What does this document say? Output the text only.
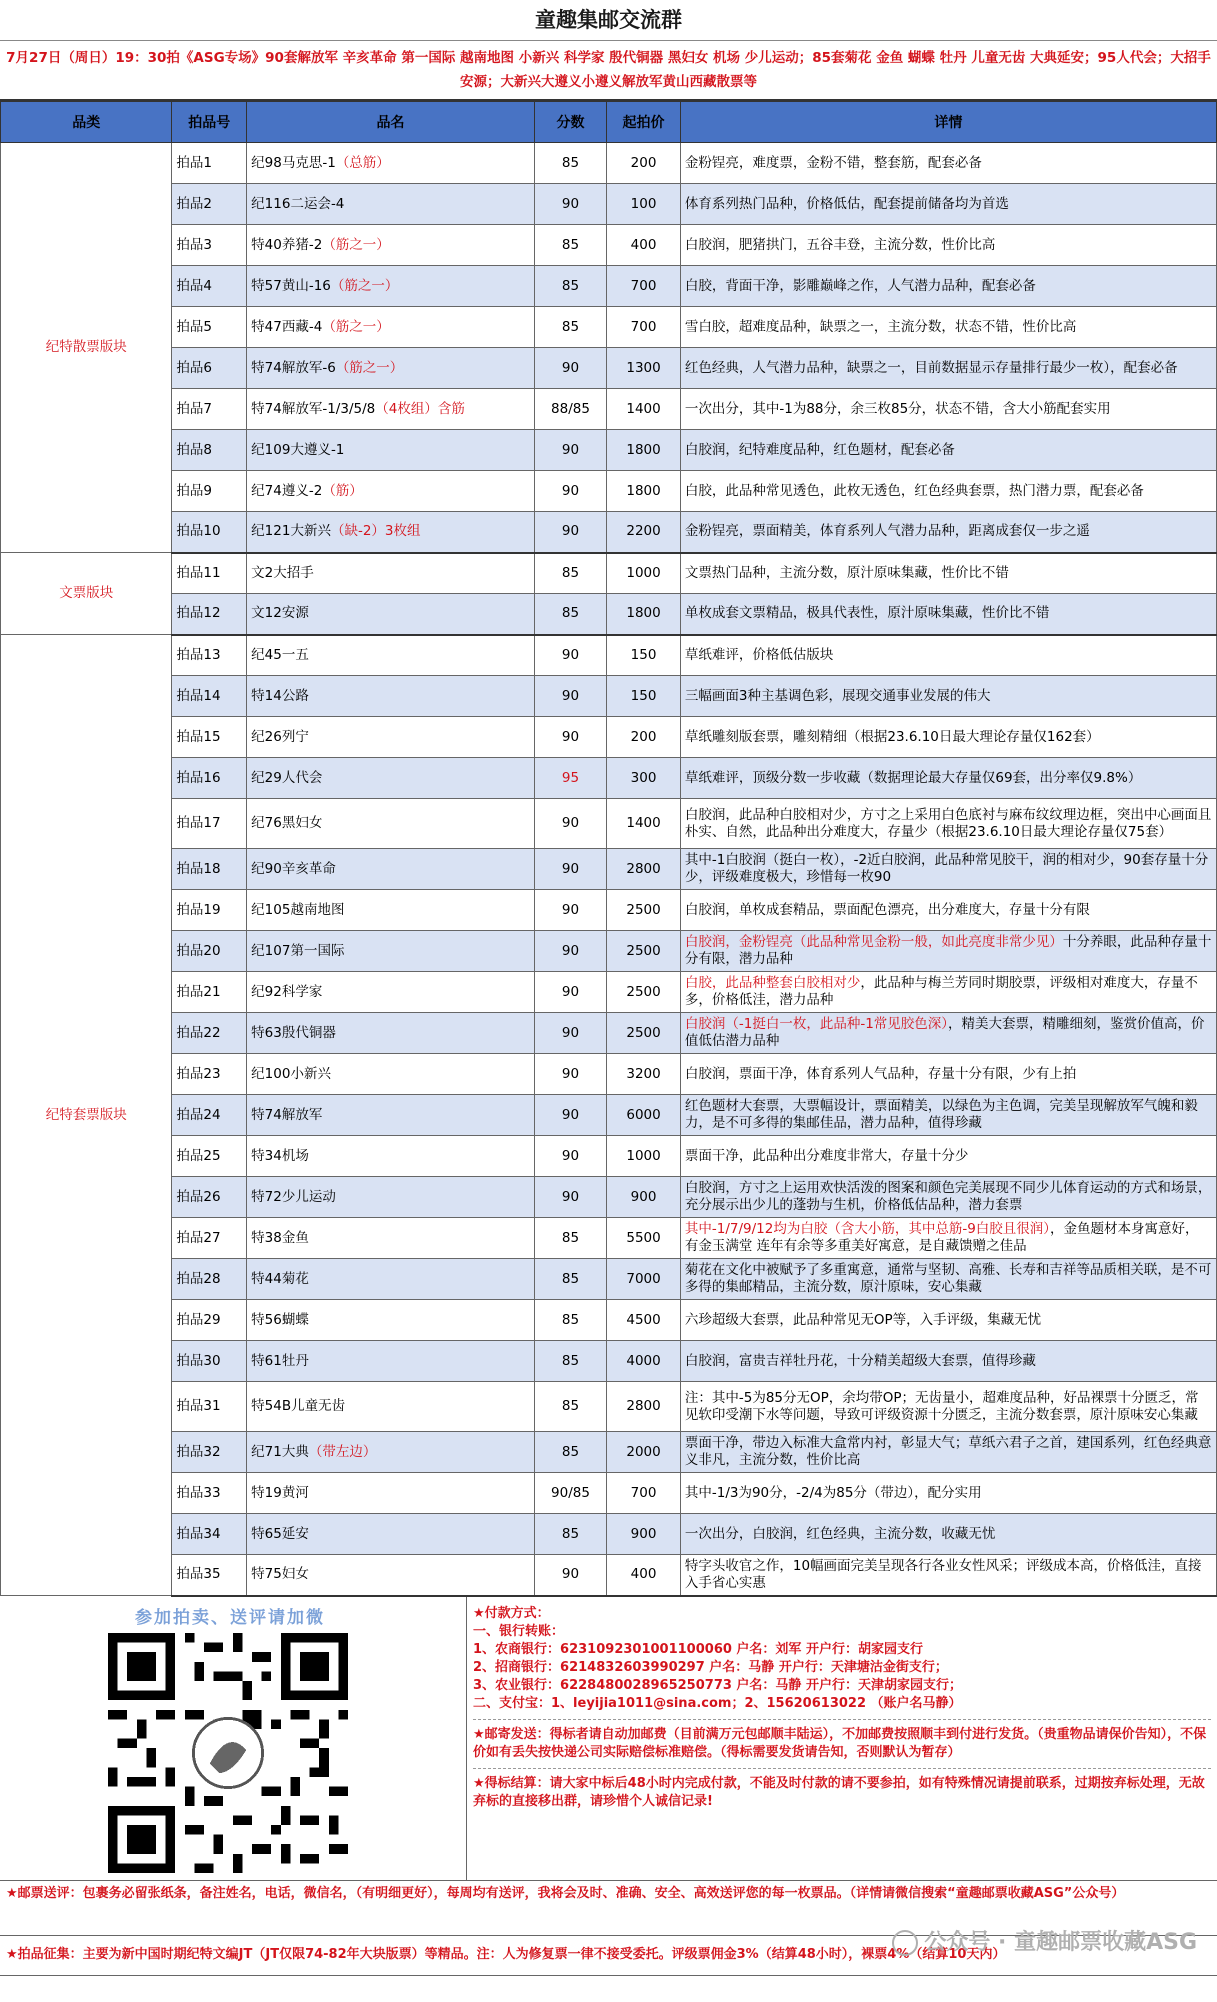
童趣集邮交流群
7月27日（周日）19：30拍《ASG专场》90套解放军 辛亥革命 第一国际 越南地图 小新兴 科学家 殷代铜器 黑妇女 机场 少儿运动；85套菊花 金鱼 蝴蝶 牡丹 儿童无齿 大典延安；95人代会；大招手 安源；大新兴大遵义小遵义解放军黄山西藏散票等
品类	拍品号	品名	分数	起拍价	详情
纪特散票版块	拍品1	纪98马克思-1（总筋）	85	200	金粉锃亮，难度票，金粉不错，整套筋，配套必备
	拍品2	纪116二运会-4	90	100	体育系列热门品种，价格低估，配套提前储备均为首选
	拍品3	特40养猪-2（筋之一）	85	400	白胶润，肥猪拱门，五谷丰登，主流分数，性价比高
	拍品4	特57黄山-16（筋之一）	85	700	白胶，背面干净，影雕巅峰之作，人气潜力品种，配套必备
	拍品5	特47西藏-4（筋之一）	85	700	雪白胶，超难度品种，缺票之一，主流分数，状态不错，性价比高
	拍品6	特74解放军-6（筋之一）	90	1300	红色经典，人气潜力品种，缺票之一，目前数据显示存量排行最少一枚），配套必备
	拍品7	特74解放军-1/3/5/8（4枚组）含筋	88/85	1400	一次出分，其中-1为88分，余三枚85分，状态不错，含大小筋配套实用
	拍品8	纪109大遵义-1	90	1800	白胶润，纪特难度品种，红色题材，配套必备
	拍品9	纪74遵义-2（筋）	90	1800	白胶，此品种常见透色，此枚无透色，红色经典套票，热门潜力票，配套必备
	拍品10	纪121大新兴（缺-2）3枚组	90	2200	金粉锃亮，票面精美，体育系列人气潜力品种，距离成套仅一步之遥
文票版块	拍品11	文2大招手	85	1000	文票热门品种，主流分数，原汁原味集藏，性价比不错
	拍品12	文12安源	85	1800	单枚成套文票精品，极具代表性，原汁原味集藏，性价比不错
纪特套票版块	拍品13	纪45一五	90	150	草纸难评，价格低估版块
	拍品14	特14公路	90	150	三幅画面3种主基调色彩，展现交通事业发展的伟大
	拍品15	纪26列宁	90	200	草纸雕刻版套票，雕刻精细（根据23.6.10日最大理论存量仅162套）
	拍品16	纪29人代会	95	300	草纸难评，顶级分数一步收藏（数据理论最大存量仅69套，出分率仅9.8%）
	拍品17	纪76黑妇女	90	1400	白胶润，此品种白胶相对少，方寸之上采用白色底衬与麻布纹纹理边框，突出中心画面且朴实、自然，此品种出分难度大，存量少（根据23.6.10日最大理论存量仅75套）
	拍品18	纪90辛亥革命	90	2800	其中-1白胶润（挺白一枚），-2近白胶润，此品种常见胶干，润的相对少，90套存量十分少，评级难度极大，珍惜每一枚90
	拍品19	纪105越南地图	90	2500	白胶润，单枚成套精品，票面配色漂亮，出分难度大，存量十分有限
	拍品20	纪107第一国际	90	2500	白胶润，金粉锃亮（此品种常见金粉一般，如此亮度非常少见）十分养眼，此品种存量十分有限，潜力品种
	拍品21	纪92科学家	90	2500	白胶，此品种整套白胶相对少，此品种与梅兰芳同时期胶票，评级相对难度大，存量不多，价格低洼，潜力品种
	拍品22	特63殷代铜器	90	2500	白胶润（-1挺白一枚，此品种-1常见胶色深），精美大套票，精雕细刻，鉴赏价值高，价值低估潜力品种
	拍品23	纪100小新兴	90	3200	白胶润，票面干净，体育系列人气品种，存量十分有限，少有上拍
	拍品24	特74解放军	90	6000	红色题材大套票，大票幅设计，票面精美，以绿色为主色调，完美呈现解放军气魄和毅力，是不可多得的集邮佳品，潜力品种，值得珍藏
	拍品25	特34机场	90	1000	票面干净，此品种出分难度非常大，存量十分少
	拍品26	特72少儿运动	90	900	白胶润，方寸之上运用欢快活泼的图案和颜色完美展现不同少儿体育运动的方式和场景，充分展示出少儿的蓬勃与生机，价格低估品种，潜力套票
	拍品27	特38金鱼	85	5500	其中-1/7/9/12均为白胶（含大小筋，其中总筋-9白胶且很润），金鱼题材本身寓意好，有金玉满堂 连年有余等多重美好寓意，是自藏馈赠之佳品
	拍品28	特44菊花	85	7000	菊花在文化中被赋予了多重寓意，通常与坚韧、高雅、长寿和吉祥等品质相关联，是不可多得的集邮精品，主流分数，原汁原味，安心集藏
	拍品29	特56蝴蝶	85	4500	六珍超级大套票，此品种常见无OP等，入手评级，集藏无忧
	拍品30	特61牡丹	85	4000	白胶润，富贵吉祥牡丹花，十分精美超级大套票，值得珍藏
	拍品31	特54B儿童无齿	85	2800	注：其中-5为85分无OP，余均带OP；无齿量小，超难度品种，好品裸票十分匮乏，常见软印受潮下水等问题，导致可评级资源十分匮乏，主流分数套票，原汁原味安心集藏
	拍品32	纪71大典（带左边）	85	2000	票面干净，带边入标准大盒常内衬，彰显大气；草纸六君子之首，建国系列，红色经典意义非凡，主流分数，性价比高
	拍品33	特19黄河	90/85	700	其中-1/3为90分，-2/4为85分（带边），配分实用
	拍品34	特65延安	85	900	一次出分，白胶润，红色经典，主流分数，收藏无忧
	拍品35	特75妇女	90	400	特字头收官之作，10幅画面完美呈现各行各业女性风采；评级成本高，价格低洼，直接入手省心实惠
参加拍卖、送评请加微	★付款方式：
一、银行转账：
1、农商银行：6231092301001100060 户名：刘军 开户行：胡家园支行
2、招商银行：6214832603990297 户名：马静 开户行：天津塘沽金街支行；
3、农业银行：6228480028965250773 户名：马静 开户行：天津胡家园支行；
二、支付宝：1、leyijia1011@sina.com；2、15620613022 （账户名马静）
★邮寄发送：得标者请自动加邮费（目前满万元包邮顺丰陆运），不加邮费按照顺丰到付进行发货。（贵重物品请保价告知），不保价如有丢失按快递公司实际赔偿标准赔偿。（得标需要发货请告知，否则默认为暂存）
★得标结算：请大家中标后48小时内完成付款，不能及时付款的请不要参拍，如有特殊情况请提前联系，过期按弃标处理，无故弃标的直接移出群，请珍惜个人诚信记录!
★邮票送评：包裹务必留张纸条，备注姓名，电话，微信名，（有明细更好），每周均有送评，我将会及时、准确、安全、高效送评您的每一枚票品。（详情请微信搜索“童趣邮票收藏ASG”公众号）
★拍品征集：主要为新中国时期纪特文编JT（JT仅限74-82年大块版票）等精品。注：人为修复票一律不接受委托。评级票佣金3%（结算48小时），裸票4%（结算10天内）
公众号 · 童趣邮票收藏ASG
